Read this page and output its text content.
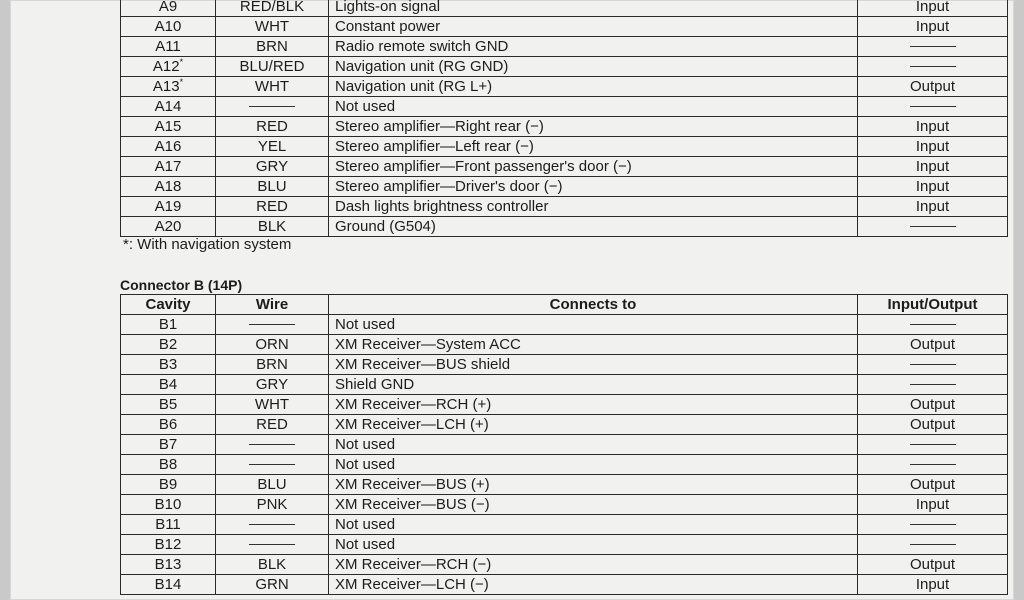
A9	RED/BLK	Lights-on signal	Input
A10	WHT	Constant power	Input
A11	BRN	Radio remote switch GND	
A12*	BLU/RED	Navigation unit (RG GND)	
A13*	WHT	Navigation unit (RG L+)	Output
A14		Not used	
A15	RED	Stereo amplifier—Right rear (−)	Input
A16	YEL	Stereo amplifier—Left rear (−)	Input
A17	GRY	Stereo amplifier—Front passenger's door (−)	Input
A18	BLU	Stereo amplifier—Driver's door (−)	Input
A19	RED	Dash lights brightness controller	Input
A20	BLK	Ground (G504)	
*: With navigation system
Connector B (14P)
Cavity	Wire	Connects to	Input/Output
B1		Not used	
B2	ORN	XM Receiver—System ACC	Output
B3	BRN	XM Receiver—BUS shield	
B4	GRY	Shield GND	
B5	WHT	XM Receiver—RCH (+)	Output
B6	RED	XM Receiver—LCH (+)	Output
B7		Not used	
B8		Not used	
B9	BLU	XM Receiver—BUS (+)	Output
B10	PNK	XM Receiver—BUS (−)	Input
B11		Not used	
B12		Not used	
B13	BLK	XM Receiver—RCH (−)	Output
B14	GRN	XM Receiver—LCH (−)	Input
